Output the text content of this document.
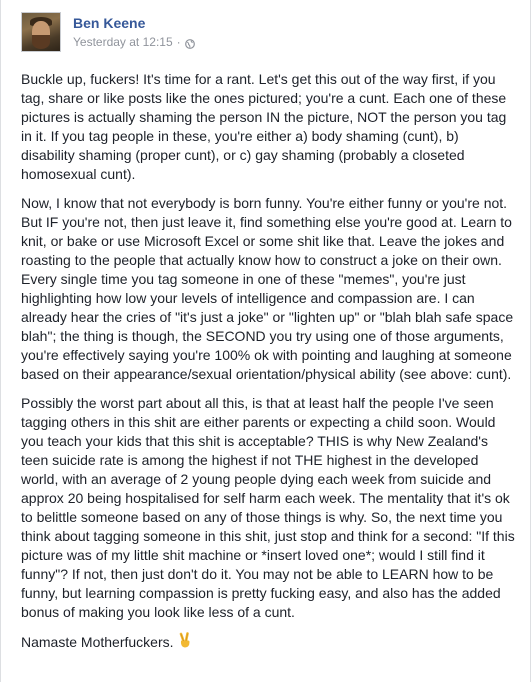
Ben Keene
Yesterday at 12:15 ·

Buckle up, fuckers! It's time for a rant. Let's get this out of the way first, if you tag, share or like posts like the ones pictured; you're a cunt. Each one of these pictures is actually shaming the person IN the picture, NOT the person you tag in it. If you tag people in these, you're either a) body shaming (cunt), b) disability shaming (proper cunt), or c) gay shaming (probably a closeted homosexual cunt).

Now, I know that not everybody is born funny. You're either funny or you're not. But IF you're not, then just leave it, find something else you're good at. Learn to knit, or bake or use Microsoft Excel or some shit like that. Leave the jokes and roasting to the people that actually know how to construct a joke on their own. Every single time you tag someone in one of these "memes", you're just highlighting how low your levels of intelligence and compassion are. I can already hear the cries of "it's just a joke" or "lighten up" or "blah blah safe space blah"; the thing is though, the SECOND you try using one of those arguments, you're effectively saying you're 100% ok with pointing and laughing at someone based on their appearance/sexual orientation/physical ability (see above: cunt).

Possibly the worst part about all this, is that at least half the people I've seen tagging others in this shit are either parents or expecting a child soon. Would you teach your kids that this shit is acceptable? THIS is why New Zealand's teen suicide rate is among the highest if not THE highest in the developed world, with an average of 2 young people dying each week from suicide and approx 20 being hospitalised for self harm each week. The mentality that it's ok to belittle someone based on any of those things is why. So, the next time you think about tagging someone in this shit, just stop and think for a second: "If this picture was of my little shit machine or *insert loved one*; would I still find it funny"? If not, then just don't do it. You may not be able to LEARN how to be funny, but learning compassion is pretty fucking easy, and also has the added bonus of making you look like less of a cunt.

Namaste Motherfuckers.
